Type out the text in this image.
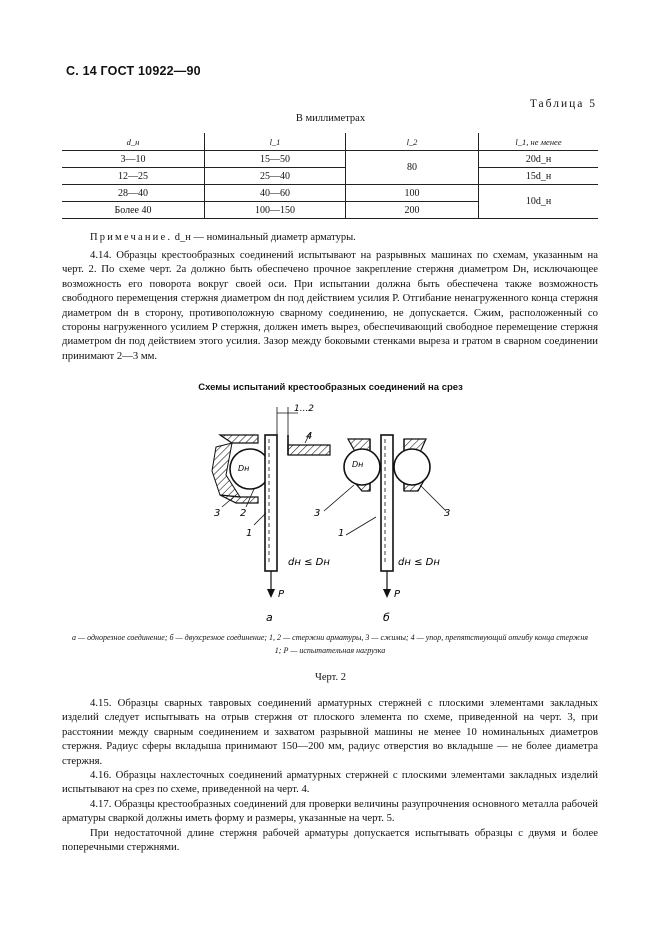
С. 14 ГОСТ 10922—90
Таблица 5
В миллиметрах
d_н	l_1	l_2	l_1, не менее
3—10	15—50	80	20d_н
12—25	25—40		15d_н
28—40	40—60	100	10d_н
Более 40	100—150	200	
Примечание. d_н — номинальный диаметр арматуры.

4.14. Образцы крестообразных соединений испытывают на разрывных машинах по схемам, указанным на черт. 2. По схеме черт. 2а должно быть обеспечено прочное закрепление стержня диаметром Dн, исключающее возможность его поворота вокруг своей оси. При испытании должна быть обеспечена также возможность свободного перемещения стержня диаметром dн под действием усилия P. Отгибание ненагруженного конца стержня диаметром dн в сторону, противоположную сварному соединению, не допускается. Сжим, расположенный со стороны нагруженного усилием P стержня, должен иметь вырез, обеспечивающий свободное перемещение стержня диаметром dн под действием этого усилия. Зазор между боковыми стенками выреза и гратом в сварном соединении принимают 2—3 мм.

Схемы испытаний крестообразных соединений на срез
1...2
4
Dн
3 2
1
dн ≤ Dн
P
а
Dн
3	3
1
dн ≤ Dн
P
б
а — однорезное соединение; б — двухсрезное соединение; 1, 2 — стержни арматуры, 3 — сжимы; 4 — упор, препятствующий отгибу конца стержня 1; P — испытательная нагрузка
Черт. 2

4.15. Образцы сварных тавровых соединений арматурных стержней с плоскими элементами закладных изделий следует испытывать на отрыв стержня от плоского элемента по схеме, приведенной на черт. 3, при расстоянии между сварным соединением и захватом разрывной машины не менее 10 номинальных диаметров стержня. Радиус сферы вкладыша принимают 150—200 мм, радиус отверстия во вкладыше — не более диаметра стержня.

4.16. Образцы нахлесточных соединений арматурных стержней с плоскими элементами закладных изделий испытывают на срез по схеме, приведенной на черт. 4.

4.17. Образцы крестообразных соединений для проверки величины разупрочнения основного металла рабочей арматуры сваркой должны иметь форму и размеры, указанные на черт. 5.

При недостаточной длине стержня рабочей арматуры допускается испытывать образцы с двумя и более поперечными стержнями.
